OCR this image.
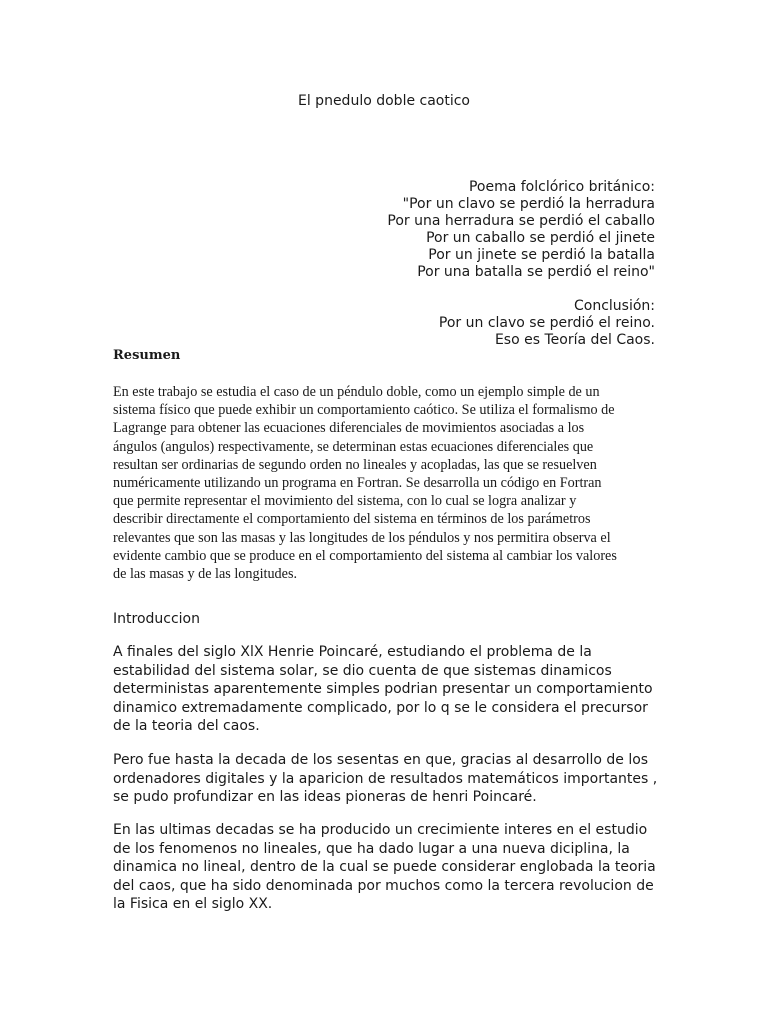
El pnedulo doble caotico
Poema folclórico británico:
"Por un clavo se perdió la herradura
Por una herradura se perdió el caballo
Por un caballo se perdió el jinete
Por un jinete se perdió la batalla
Por una batalla se perdió el reino"
Conclusión:
Por un clavo se perdió el reino.
Eso es Teoría del Caos.
Resumen
En este trabajo se estudia el caso de un péndulo doble, como un ejemplo simple de un
sistema físico que puede exhibir un comportamiento caótico. Se utiliza el formalismo de
Lagrange para obtener las ecuaciones diferenciales de movimientos asociadas a los
ángulos (angulos) respectivamente, se determinan estas ecuaciones diferenciales que
resultan ser ordinarias de segundo orden no lineales y acopladas, las que se resuelven
numéricamente utilizando un programa en Fortran. Se desarrolla un código en Fortran
que permite representar el movimiento del sistema, con lo cual se logra analizar y
describir directamente el comportamiento del sistema en términos de los parámetros
relevantes que son las masas y las longitudes de los péndulos y nos permitira observa el
evidente cambio que se produce en el comportamiento del sistema al cambiar los valores
de las masas y de las longitudes.
Introduccion
A finales del siglo XlX Henrie Poincaré, estudiando el problema de la
estabilidad del sistema solar, se dio cuenta de que sistemas dinamicos
deterministas aparentemente simples podrian presentar un comportamiento
dinamico extremadamente complicado, por lo q se le considera el precursor
de la teoria del caos.
Pero fue hasta la decada de los sesentas en que, gracias al desarrollo de los
ordenadores digitales y la aparicion de resultados matemáticos importantes ,
se pudo profundizar en las ideas pioneras de henri Poincaré.
En las ultimas decadas se ha producido un crecimiente interes en el estudio
de los fenomenos no lineales, que ha dado lugar a una nueva diciplina, la
dinamica no lineal, dentro de la cual se puede considerar englobada la teoria
del caos, que ha sido denominada por muchos como la tercera revolucion de
la Fisica en el siglo XX.
